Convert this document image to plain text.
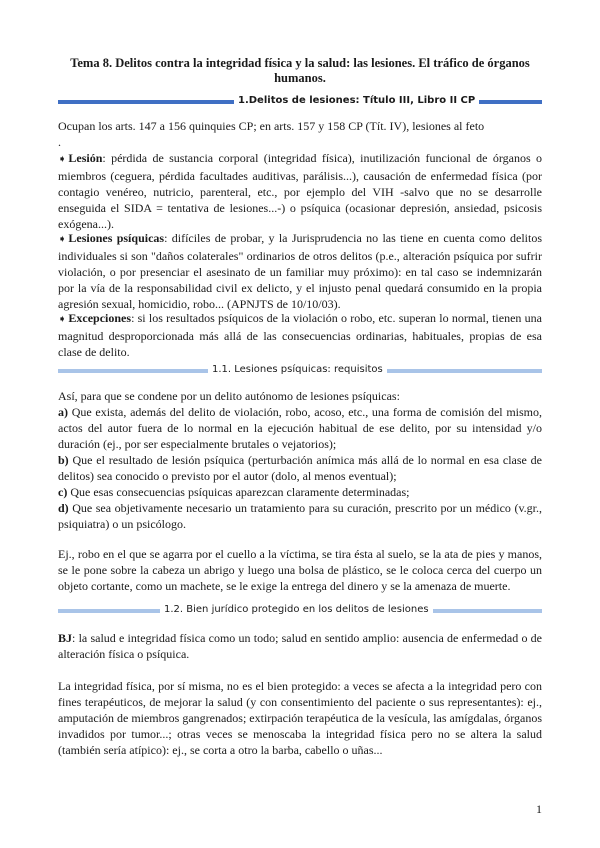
Tema 8. Delitos contra la integridad física y la salud: las lesiones. El tráfico de órganos humanos.
1.Delitos de lesiones: Título III, Libro II CP

Ocupan los arts. 147 a 156 quinquies CP; en arts. 157 y 158 CP (Tít. IV), lesiones al feto
.

➧ Lesión: pérdida de sustancia corporal (integridad física), inutilización funcional de órganos o miembros (ceguera, pérdida facultades auditivas, parálisis...), causación de enfermedad física (por contagio venéreo, nutricio, parenteral, etc., por ejemplo del VIH -salvo que no se desarrolle enseguida el SIDA = tentativa de lesiones...-) o psíquica (ocasionar depresión, ansiedad, psicosis exógena...).

➧ Lesiones psíquicas: difíciles de probar, y la Jurisprudencia no las tiene en cuenta como delitos individuales si son "daños colaterales" ordinarios de otros delitos (p.e., alteración psíquica por sufrir violación, o por presenciar el asesinato de un familiar muy próximo): en tal caso se indemnizarán por la vía de la responsabilidad civil ex delicto, y el injusto penal quedará consumido en la propia agresión sexual, homicidio, robo... (APNJTS de 10/10/03).

➧ Excepciones: si los resultados psíquicos de la violación o robo, etc. superan lo normal, tienen una magnitud desproporcionada más allá de las consecuencias ordinarias, habituales, propias de esa clase de delito.

1.1. Lesiones psíquicas: requisitos

Así, para que se condene por un delito autónomo de lesiones psíquicas:
a) Que exista, además del delito de violación, robo, acoso, etc., una forma de comisión del mismo, actos del autor fuera de lo normal en la ejecución habitual de ese delito, por su intensidad y/o duración (ej., por ser especialmente brutales o vejatorios);
b) Que el resultado de lesión psíquica (perturbación anímica más allá de lo normal en esa clase de delitos) sea conocido o previsto por el autor (dolo, al menos eventual);
c) Que esas consecuencias psíquicas aparezcan claramente determinadas;
d) Que sea objetivamente necesario un tratamiento para su curación, prescrito por un médico (v.gr., psiquiatra) o un psicólogo.

Ej., robo en el que se agarra por el cuello a la víctima, se tira ésta al suelo, se la ata de pies y manos, se le pone sobre la cabeza un abrigo y luego una bolsa de plástico, se le coloca cerca del cuerpo un objeto cortante, como un machete, se le exige la entrega del dinero y se la amenaza de muerte.

1.2. Bien jurídico protegido en los delitos de lesiones

BJ: la salud e integridad física como un todo; salud en sentido amplio: ausencia de enfermedad o de alteración física o psíquica.

La integridad física, por sí misma, no es el bien protegido: a veces se afecta a la integridad pero con fines terapéuticos, de mejorar la salud (y con consentimiento del paciente o sus representantes): ej., amputación de miembros gangrenados; extirpación terapéutica de la vesícula, las amígdalas, órganos invadidos por tumor...; otras veces se menoscaba la integridad física pero no se altera la salud (también sería atípico): ej., se corta a otro la barba, cabello o uñas...

1
